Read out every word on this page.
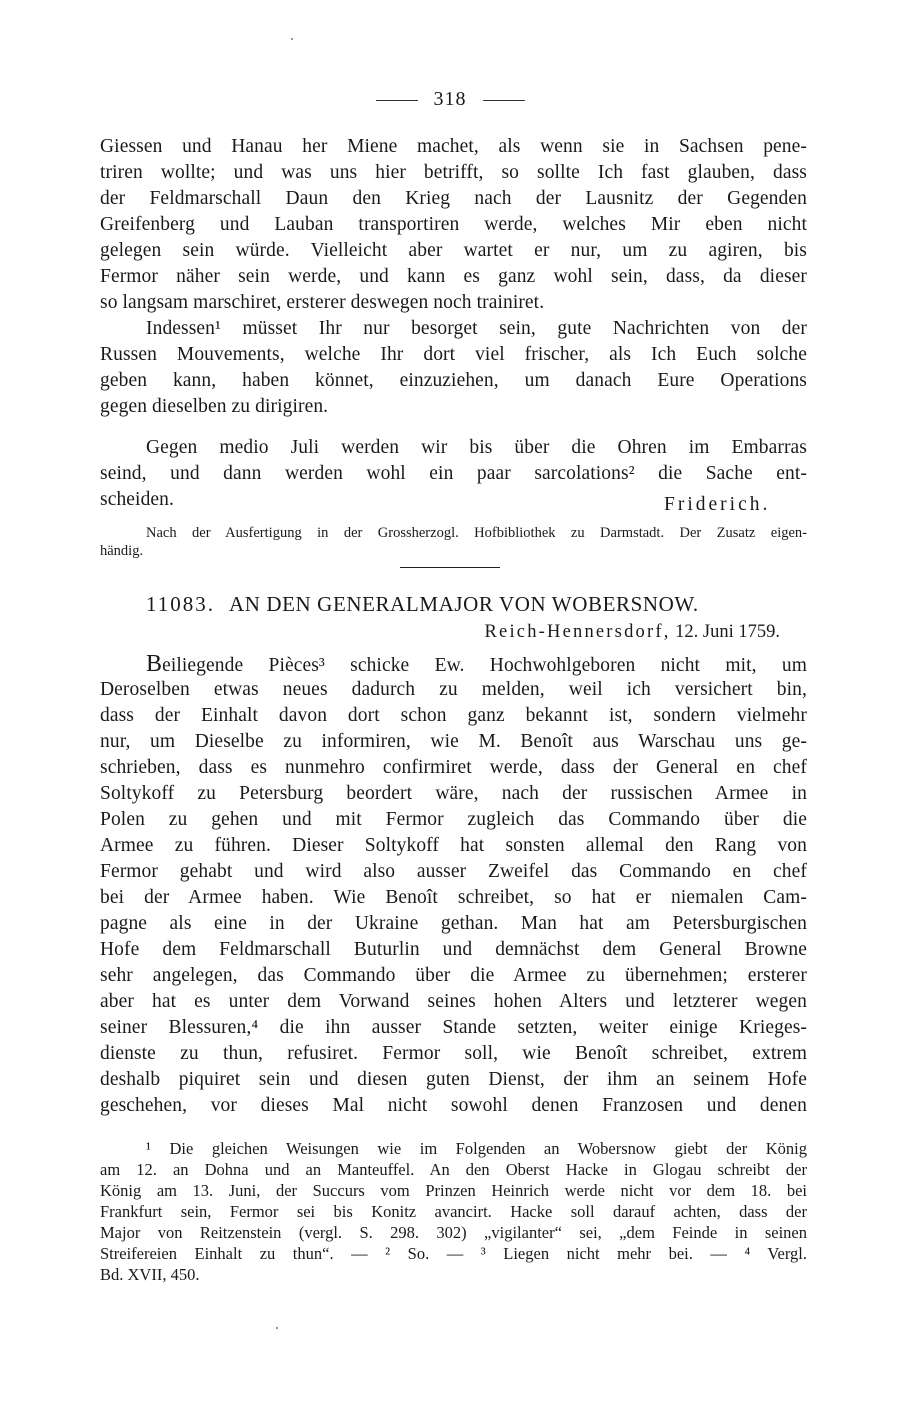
318
Giessen und Hanau her Miene machet, als wenn sie in Sachsen pene-
triren wollte; und was uns hier betrifft, so sollte Ich fast glauben, dass
der Feldmarschall Daun den Krieg nach der Lausnitz der Gegenden
Greifenberg und Lauban transportiren werde, welches Mir eben nicht
gelegen sein würde. Vielleicht aber wartet er nur, um zu agiren, bis
Fermor näher sein werde, und kann es ganz wohl sein, dass, da dieser
so langsam marschiret, ersterer deswegen noch trainiret.
Indessen¹ müsset Ihr nur besorget sein, gute Nachrichten von der
Russen Mouvements, welche Ihr dort viel frischer, als Ich Euch solche
geben kann, haben könnet, einzuziehen, um danach Eure Operations
gegen dieselben zu dirigiren.
Gegen medio Juli werden wir bis über die Ohren im Embarras
seind, und dann werden wohl ein paar sarcolations² die Sache ent-
scheiden.	Friderich.
Nach der Ausfertigung in der Grossherzogl. Hofbibliothek zu Darmstadt. Der Zusatz eigen-
händig.
11083. AN DEN GENERALMAJOR VON WOBERSNOW.
Reich-Hennersdorf, 12. Juni 1759.
Beiliegende Pièces³ schicke Ew. Hochwohlgeboren nicht mit, um
Deroselben etwas neues dadurch zu melden, weil ich versichert bin,
dass der Einhalt davon dort schon ganz bekannt ist, sondern vielmehr
nur, um Dieselbe zu informiren, wie M. Benoît aus Warschau uns ge-
schrieben, dass es nunmehro confirmiret werde, dass der General en chef
Soltykoff zu Petersburg beordert wäre, nach der russischen Armee in
Polen zu gehen und mit Fermor zugleich das Commando über die
Armee zu führen. Dieser Soltykoff hat sonsten allemal den Rang von
Fermor gehabt und wird also ausser Zweifel das Commando en chef
bei der Armee haben. Wie Benoît schreibet, so hat er niemalen Cam-
pagne als eine in der Ukraine gethan. Man hat am Petersburgischen
Hofe dem Feldmarschall Buturlin und demnächst dem General Browne
sehr angelegen, das Commando über die Armee zu übernehmen; ersterer
aber hat es unter dem Vorwand seines hohen Alters und letzterer wegen
seiner Blessuren,⁴ die ihn ausser Stande setzten, weiter einige Krieges-
dienste zu thun, refusiret. Fermor soll, wie Benoît schreibet, extrem
deshalb piquiret sein und diesen guten Dienst, der ihm an seinem Hofe
geschehen, vor dieses Mal nicht sowohl denen Franzosen und denen
¹ Die gleichen Weisungen wie im Folgenden an Wobersnow giebt der König
am 12. an Dohna und an Manteuffel. An den Oberst Hacke in Glogau schreibt der
König am 13. Juni, der Succurs vom Prinzen Heinrich werde nicht vor dem 18. bei
Frankfurt sein, Fermor sei bis Konitz avancirt. Hacke soll darauf achten, dass der
Major von Reitzenstein (vergl. S. 298. 302) „vigilanter“ sei, „dem Feinde in seinen
Streifereien Einhalt zu thun“. — ² So. — ³ Liegen nicht mehr bei. — ⁴ Vergl.
Bd. XVII, 450.
